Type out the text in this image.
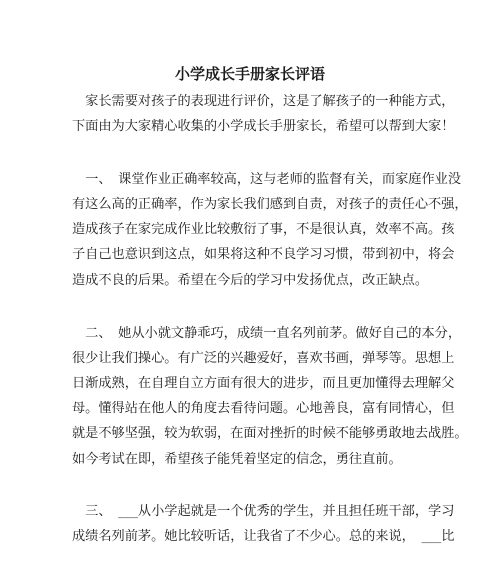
小学成长手册家长评语
　家长需要对孩子的表现进行评价，这是了解孩子的一种能方式，
下面由为大家精心收集的小学成长手册家长，希望可以帮到大家！
　一、　课堂作业正确率较高，这与老师的监督有关，而家庭作业没
有这么高的正确率，作为家长我们感到自责，对孩子的责任心不强，
造成孩子在家完成作业比较敷衍了事，不是很认真，效率不高。孩
子自己也意识到这点，如果将这种不良学习习惯，带到初中，将会
造成不良的后果。希望在今后的学习中发扬优点，改正缺点。
　二、　她从小就文静乖巧，成绩一直名列前茅。做好自己的本分，
很少让我们操心。有广泛的兴趣爱好，喜欢书画，弹琴等。思想上
日渐成熟，在自理自立方面有很大的进步，而且更加懂得去理解父
母。懂得站在他人的角度去看待问题。心地善良，富有同情心，但
就是不够坚强，较为软弱，在面对挫折的时候不能够勇敢地去战胜。
如今考试在即，希望孩子能凭着坚定的信念，勇往直前。
　三、　___从小学起就是一个优秀的学生，并且担任班干部，学习
成绩名列前茅。她比较听话，让我省了不少心。总的来说，　___比
